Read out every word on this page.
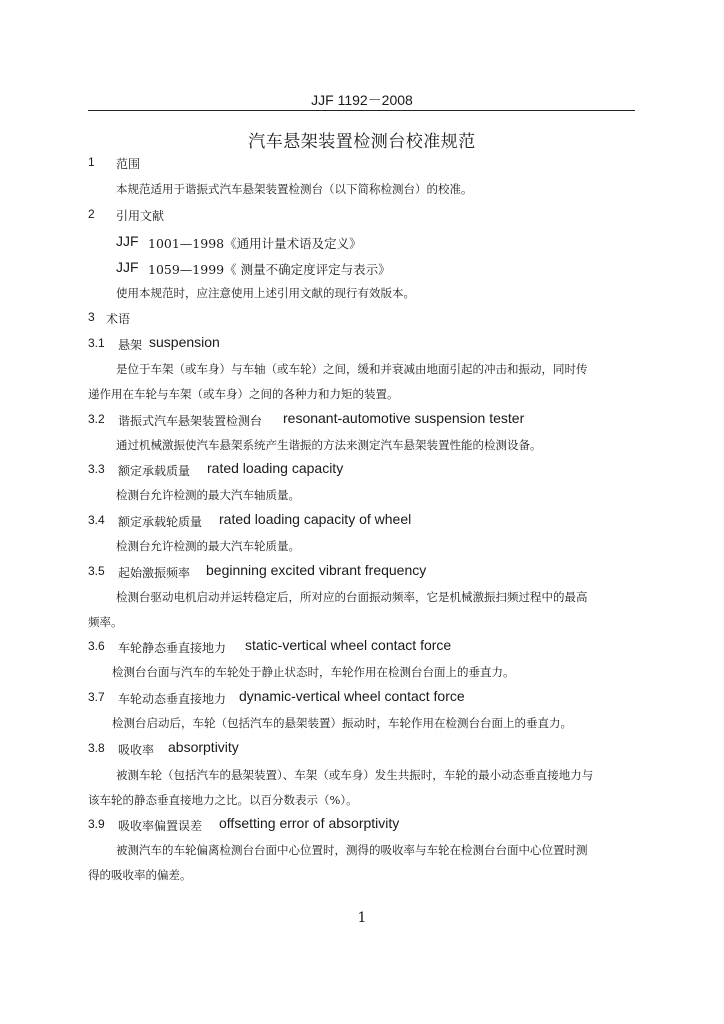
JJF 1192－2008
汽车悬架装置检测台校准规范
1 范围
本规范适用于谐振式汽车悬架装置检测台（以下简称检测台）的校准。
2 引用文献
JJF 1001—1998《通用计量术语及定义》
JJF 1059—1999《 测量不确定度评定与表示》
使用本规范时，应注意使用上述引用文献的现行有效版本。
3 术语
3.1 悬架 suspension
是位于车架（或车身）与车轴（或车轮）之间，缓和并衰减由地面引起的冲击和振动，同时传
递作用在车轮与车架（或车身）之间的各种力和力矩的装置。
3.2 谐振式汽车悬架装置检测台 resonant-automotive suspension tester
通过机械激振使汽车悬架系统产生谐振的方法来测定汽车悬架装置性能的检测设备。
3.3 额定承载质量 rated loading capacity
检测台允许检测的最大汽车轴质量。
3.4 额定承载轮质量 rated loading capacity of wheel
检测台允许检测的最大汽车轮质量。
3.5 起始激振频率 beginning excited vibrant frequency
检测台驱动电机启动并运转稳定后，所对应的台面振动频率，它是机械激振扫频过程中的最高
频率。
3.6 车轮静态垂直接地力 static-vertical wheel contact force
检测台台面与汽车的车轮处于静止状态时，车轮作用在检测台台面上的垂直力。
3.7 车轮动态垂直接地力 dynamic-vertical wheel contact force
检测台启动后，车轮（包括汽车的悬架装置）振动时，车轮作用在检测台台面上的垂直力。
3.8 吸收率 absorptivity
被测车轮（包括汽车的悬架装置）、车架（或车身）发生共振时，车轮的最小动态垂直接地力与
该车轮的静态垂直接地力之比。以百分数表示（%）。
3.9 吸收率偏置误差 offsetting error of absorptivity
被测汽车的车轮偏离检测台台面中心位置时，测得的吸收率与车轮在检测台台面中心位置时测
得的吸收率的偏差。
1
